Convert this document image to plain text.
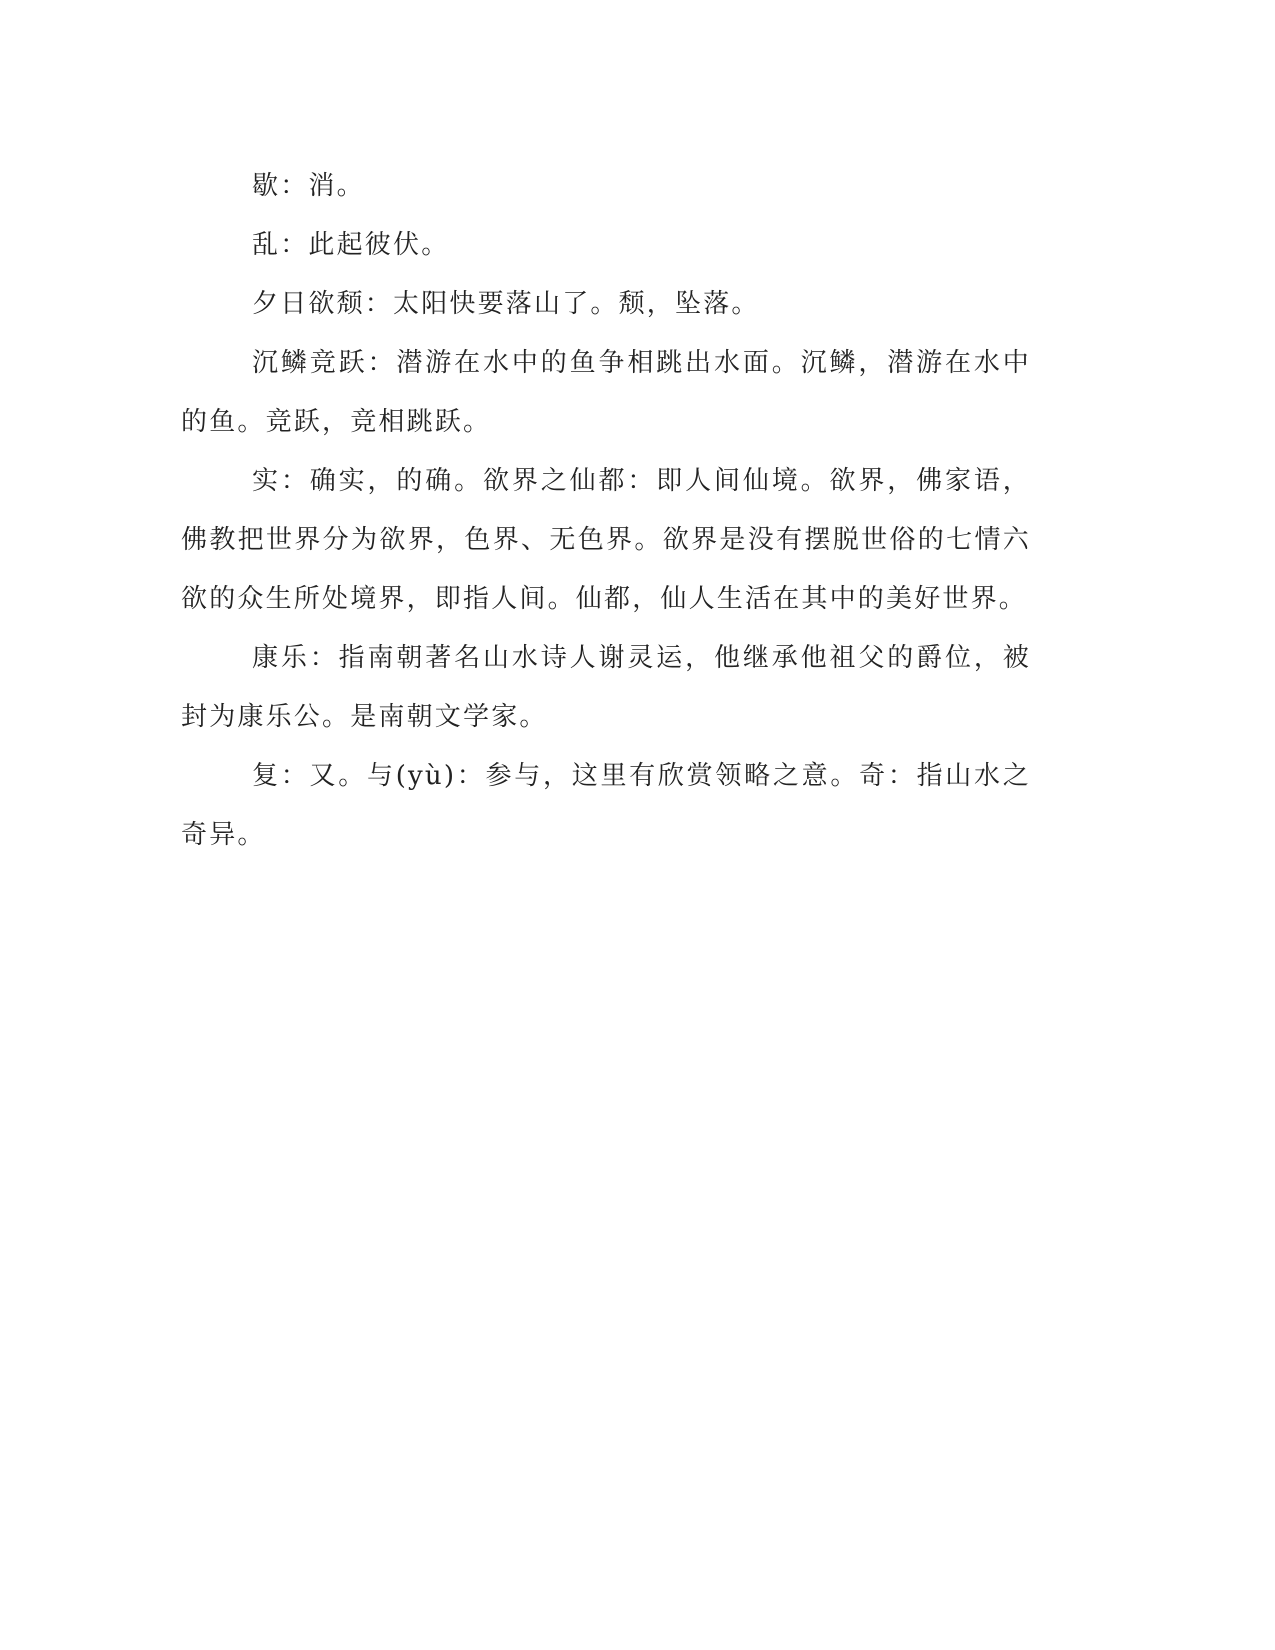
歇：消。

乱：此起彼伏。

夕日欲颓：太阳快要落山了。颓，坠落。

沉鳞竞跃：潜游在水中的鱼争相跳出水面。沉鳞，潜游在水中的鱼。竞跃，竞相跳跃。

实：确实，的确。欲界之仙都：即人间仙境。欲界，佛家语，佛教把世界分为欲界，色界、无色界。欲界是没有摆脱世俗的七情六欲的众生所处境界，即指人间。仙都，仙人生活在其中的美好世界。

康乐：指南朝著名山水诗人谢灵运，他继承他祖父的爵位，被封为康乐公。是南朝文学家。

复：又。与(yù)：参与，这里有欣赏领略之意。奇：指山水之奇异。
